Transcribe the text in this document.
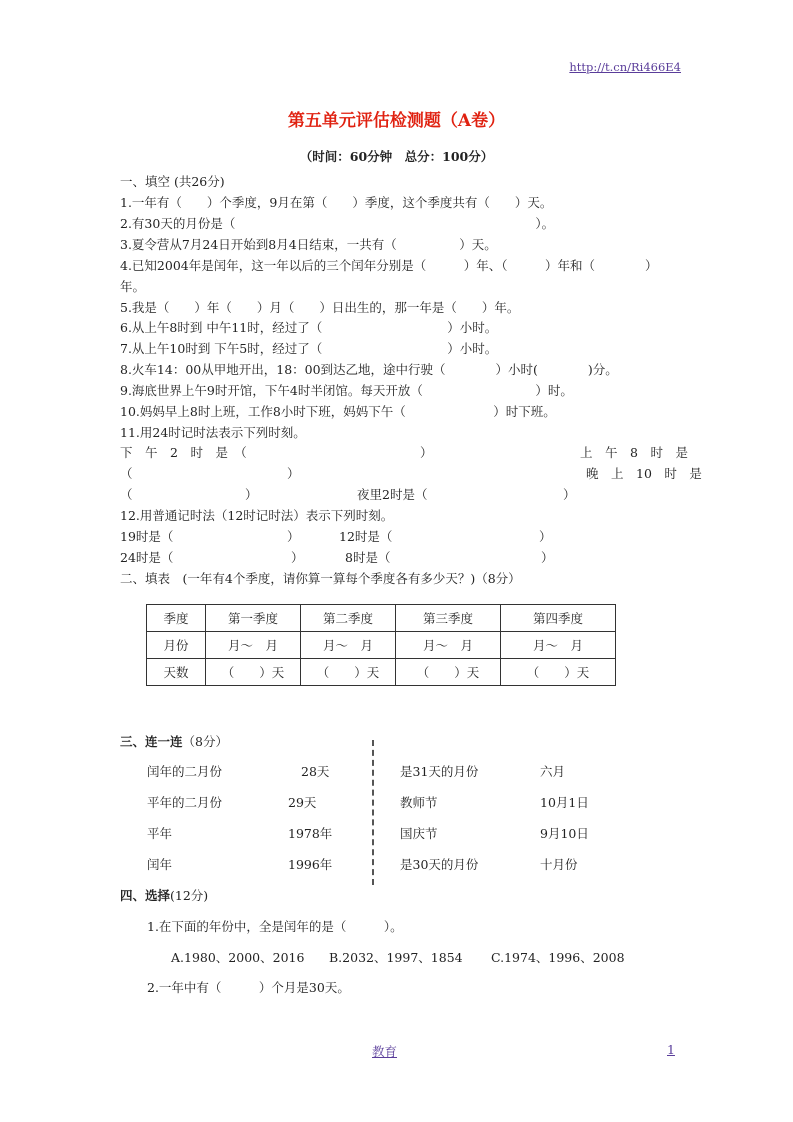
http://t.cn/Ri466E4
第五单元评估检测题（A卷）
（时间：60分钟　总分：100分）
一、填空 (共26分)
1.一年有（　　）个季度，9月在第（　　）季度，这个季度共有（　　）天。
2.有30天的月份是（　　　　　　　　　　　　　　　　　　　　　　　　）。
3.夏令营从7月24日开始到8月4日结束，一共有（　　　　　）天。
4.已知2004年是闰年，这一年以后的三个闰年分别是（　　　）年、（　　　）年和（　　　　）
年。
5.我是（　　）年（　　）月（　　）日出生的，那一年是（　　）年。
6.从上午8时到 中午11时，经过了（　　　　　　　　　　）小时。
7.从上午10时到 下午5时，经过了（　　　　　　　　　　）小时。
8.火车14：00从甲地开出，18：00到达乙地，途中行驶（　　　　）小时(　　　　)分。
9.海底世界上午9时开馆，下午4时半闭馆。每天开放（　　　　　　　　　）时。
10.妈妈早上8时上班，工作8小时下班，妈妈下午（　　　　　　　）时下班。
11.用24时记时法表示下列时刻。
下　午　2　时　是　（	）	上　午　8　时　是
（	）	晚　上　10　时　是
（	）	夜里2时是（	）
12.用普通记时法（12时记时法）表示下列时刻。
19时是（	）	12时是（	）
24时是（	）	8时是（	）
二、填表　(一年有4个季度，请你算一算每个季度各有多少天？)（8分）
季度	第一季度	第二季度	第三季度	第四季度
月份	月～　月	月～　月	月～　月	月～　月
天数	（　　）天	（　　）天	（　　）天	（　　）天
三、连一连（8分）
闰年的二月份	28天
平年的二月份	29天
平年	1978年
闰年	1996年
是31天的月份	六月
教师节	10月1日
国庆节	9月10日
是30天的月份	十月份
四、选择(12分)
1.在下面的年份中，全是闰年的是（　　　）。
A.1980、2000、2016 B.2032、1997、1854 C.1974、1996、2008
2.一年中有（　　　）个月是30天。
教育	1
